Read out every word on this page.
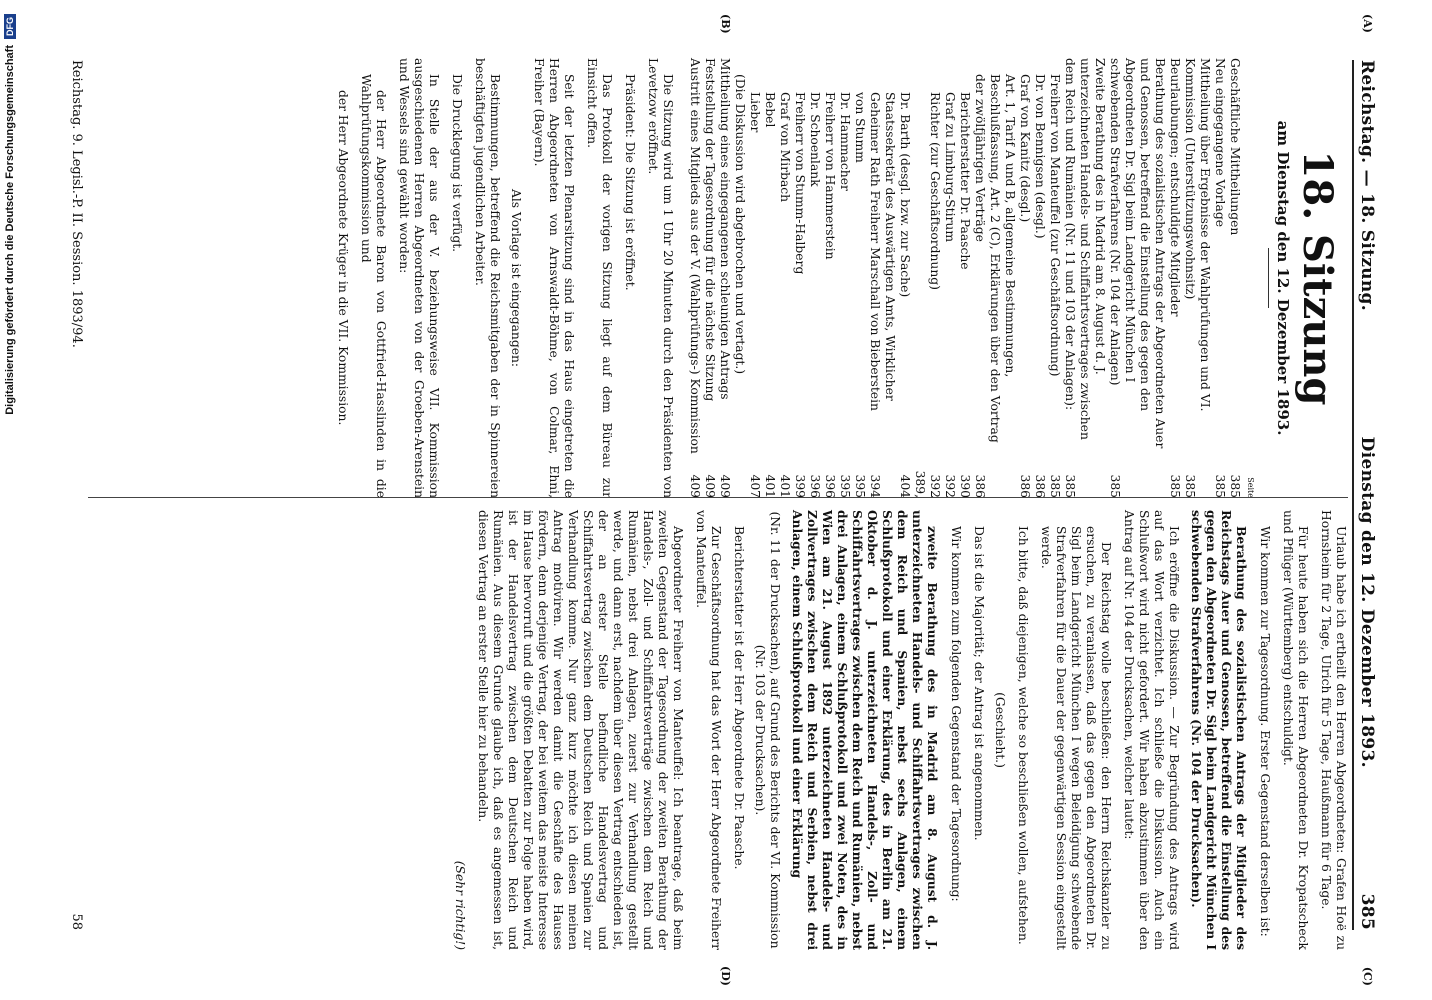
(A)
(B)
(C)
(D)
Reichstag. — 18. Sitzung.
Dienstag den 12. Dezember 1893.
385
18. Sitzung
am Dienstag den 12. Dezember 1893.
Seite
Geschäftliche Mittheilungen
385
Neu eingegangene Vorlage
385
Mittheilung über Ergebnisse der Wahlprüfungen und VI. Kommission (Unterstützungswohnsitz)
385
Beurlaubungen; entschuldigte Mitglieder
385
Berathung des sozialistischen Antrags der Abgeordneten Auer und Genossen, betreffend die Einstellung des gegen den Abgeordneten Dr. Sigl beim Landgericht München I schwebenden Strafverfahrens (Nr. 104 der Anlagen)
385
Zweite Berathung des in Madrid am 8. August d. J. unterzeichneten Handels- und Schiffahrtsvertrages zwischen dem Reich und Rumänien (Nr. 11 und 103 der Anlagen):
385
Freiherr von Manteuffel (zur Geschäftsordnung)
385
Dr. von Bennigsen (desgl.)
386
Graf von Kanitz (desgl.)
386
Art. 1, Tarif A und B, allgemeine Bestimmungen, Beschlußfassung, Art. 2 (C), Erklärungen über den Vortrag der zwölfjährigen Verträge
386
Berichterstatter Dr. Paasche
390
Graf zu Limburg-Stirum
392
Richter (zur Geschäftsordnung)
392
Dr. Barth (desgl. bzw. zur Sache)
389, 404
Staatssekretär des Auswärtigen Amts, Wirklicher Geheimer Rath Freiherr Marschall von Bieberstein
394
von Stumm
395
Dr. Hammacher
395
Freiherr von Hammerstein
396
Dr. Schoenlank
396
Freiherr von Stumm-Halberg
399
Graf von Mirbach
401
Bebel
401
Lieber
407
(Die Diskussion wird abgebrochen und vertagt.)
Mittheilung eines eingegangenen schleunigen Antrags
409
Feststellung der Tagesordnung für die nächste Sitzung
409
Austritt eines Mitglieds aus der V. (Wahlprüfungs-) Kommission
409
Die Sitzung wird um 1 Uhr 20 Minuten durch den Präsidenten von Levetzow eröffnet.
Präsident: Die Sitzung ist eröffnet.
Das Protokoll der vorigen Sitzung liegt auf dem Büreau zur Einsicht offen.
Seit der letzten Plenarsitzung sind in das Haus eingetreten die Herren Abgeordneten von Arnswaldt-Böhme, von Colmar, Ehni, Freiher (Bayern).
Als Vorlage ist eingegangen:
Bestimmungen, betreffend die Reichsmitgaben der in Spinnereien beschäftigten jugendlichen Arbeiter.
Die Drucklegung ist verfügt.
In Stelle der aus der V. beziehungsweise VII. Kommission ausgeschiedenen Herren Abgeordneten von der Groeben-Arenstein und Wessels sind gewählt worden:
der Herr Abgeordnete Baron von Gottfried-Hasslinden in die Wahlprüfungskommission und
der Herr Abgeordnete Krüger in die VII. Kommission.
Urlaub habe ich ertheilt den Herren Abgeordneten: Grafen Hoë zu Hornsheim für 2 Tage, Ulrich für 5 Tage, Haußmann für 6 Tage.
Für heute haben sich die Herren Abgeordneten Dr. Kropatscheck und Pflüger (Württemberg) entschuldigt.
Wir kommen zur Tagesordnung. Erster Gegenstand derselben ist:
Berathung des sozialistischen Antrags der Mitglieder des Reichstags Auer und Genossen, betreffend die Einstellung des gegen den Abgeordneten Dr. Sigl beim Landgericht München I schwebenden Strafverfahrens (Nr. 104 der Drucksachen).
Ich eröffne die Diskussion. — Zur Begründung des Antrags wird auf das Wort verzichtet. Ich schließe die Diskussion. Auch ein Schlußwort wird nicht gefordert. Wir haben abzustimmen über den Antrag auf Nr. 104 der Drucksachen, welcher lautet:
Der Reichstag wolle beschließen: den Herrn Reichskanzler zu ersuchen, zu veranlassen, daß das gegen den Abgeordneten Dr. Sigl beim Landgericht München I wegen Beleidigung schwebende Strafverfahren für die Dauer der gegenwärtigen Session eingestellt werde.
Ich bitte, daß diejenigen, welche so beschließen wollen, aufstehen.
(Geschieht.)
Das ist die Majorität; der Antrag ist angenommen.
Wir kommen zum folgenden Gegenstand der Tagesordnung:
zweite Berathung des in Madrid am 8. August d. J. unterzeichneten Handels- und Schiffahrtsvertrages zwischen dem Reich und Spanien, nebst sechs Anlagen, einem Schlußprotokoll und einer Erklärung, des in Berlin am 21. Oktober d. J. unterzeichneten Handels-, Zoll- und Schiffahrtsvertrages zwischen dem Reich und Rumänien, nebst drei Anlagen, einem Schlußprotokoll und zwei Noten, des in Wien am 21. August 1892 unterzeichneten Handels- und Zollvertrages zwischen dem Reich und Serbien, nebst drei Anlagen, einem Schlußprotokoll und einer Erklärung
(Nr. 11 der Drucksachen), auf Grund des Berichts der VI. Kommission (Nr. 103 der Drucksachen).
Berichterstatter ist der Herr Abgeordnete Dr. Paasche.
Zur Geschäftsordnung hat das Wort der Herr Abgeordnete Freiherr von Manteuffel.
Abgeordneter Freiherr von Manteuffel: Ich beantrage, daß beim zweiten Gegenstand der Tagesordnung der zweiten Berathung der Handels-, Zoll- und Schiffahrtsverträge zwischen dem Reich und Rumänien, nebst drei Anlagen, zuerst zur Verhandlung gestellt werde, und dann erst, nachdem über diesen Vertrag entschieden ist, der an erster Stelle befindliche Handelsvertrag und Schiffahrtsvertrag zwischen dem Deutschen Reich und Spanien zur Verhandlung komme. Nur ganz kurz möchte ich diesen meinen Antrag motiviren. Wir werden damit die Geschäfte des Hauses fördern, denn derjenige Vertrag, der bei weitem das meiste Interesse im Hause hervorruft und die größten Debatten zur Folge haben wird, ist der Handelsvertrag zwischen dem Deutschen Reich und Rumänien. Aus diesem Grunde glaube ich, daß es angemessen ist, diesen Vertrag an erster Stelle hier zu behandeln.
(Sehr richtig!)
Reichstag. 9. Legisl.-P. II. Session. 1893/94.
58
Digitalisierung gefördert durch die Deutsche Forschungsgemeinschaft
DFG
